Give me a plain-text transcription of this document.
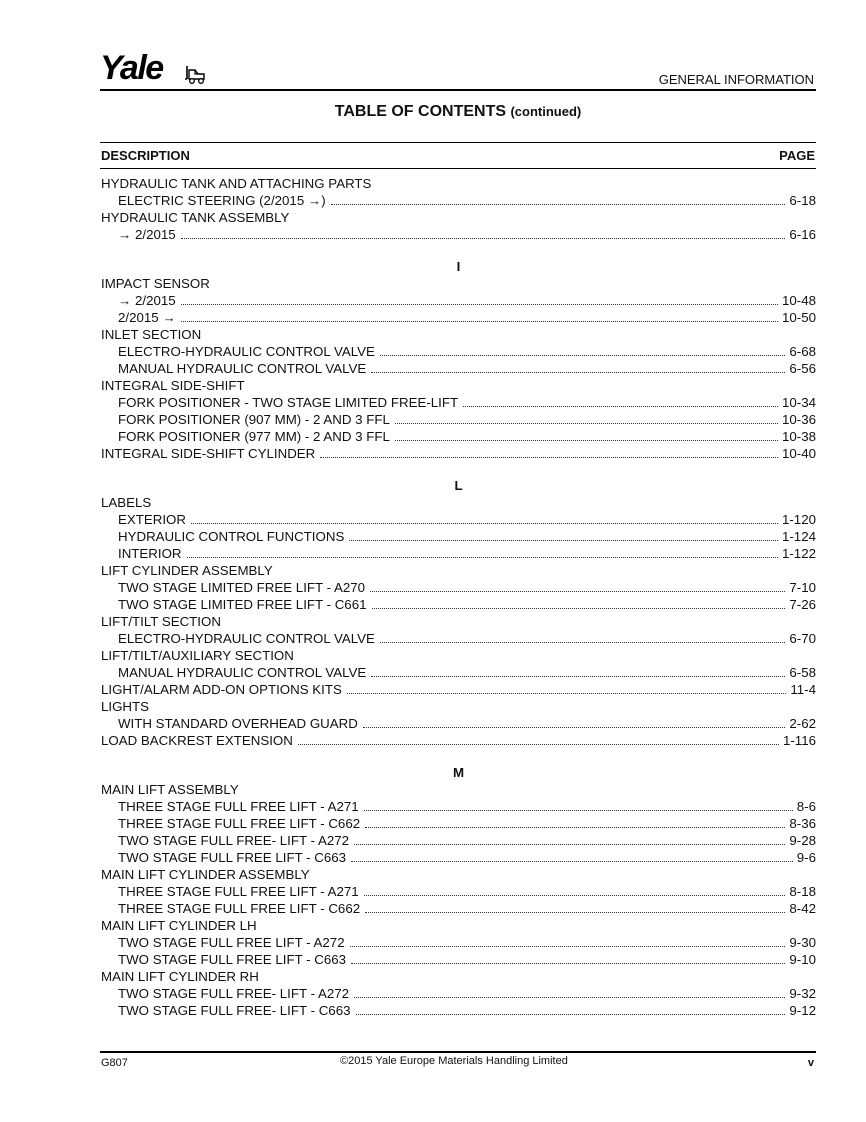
Yale	GENERAL INFORMATION
TABLE OF CONTENTS (continued)
DESCRIPTION	PAGE
HYDRAULIC TANK AND ATTACHING PARTS
ELECTRIC STEERING (2/2015 →)	6-18
HYDRAULIC TANK ASSEMBLY
→ 2/2015	6-16
I
IMPACT SENSOR
→ 2/2015	10-48
2/2015 →	10-50
INLET SECTION
ELECTRO-HYDRAULIC CONTROL VALVE	6-68
MANUAL HYDRAULIC CONTROL VALVE	6-56
INTEGRAL SIDE-SHIFT
FORK POSITIONER - TWO STAGE LIMITED FREE-LIFT	10-34
FORK POSITIONER (907 MM) - 2 AND 3 FFL	10-36
FORK POSITIONER (977 MM) - 2 AND 3 FFL	10-38
INTEGRAL SIDE-SHIFT CYLINDER	10-40
L
LABELS
EXTERIOR	1-120
HYDRAULIC CONTROL FUNCTIONS	1-124
INTERIOR	1-122
LIFT CYLINDER ASSEMBLY
TWO STAGE LIMITED FREE LIFT - A270	7-10
TWO STAGE LIMITED FREE LIFT - C661	7-26
LIFT/TILT SECTION
ELECTRO-HYDRAULIC CONTROL VALVE	6-70
LIFT/TILT/AUXILIARY SECTION
MANUAL HYDRAULIC CONTROL VALVE	6-58
LIGHT/ALARM ADD-ON OPTIONS KITS	11-4
LIGHTS
WITH STANDARD OVERHEAD GUARD	2-62
LOAD BACKREST EXTENSION	1-116
M
MAIN LIFT ASSEMBLY
THREE STAGE FULL FREE LIFT - A271	8-6
THREE STAGE FULL FREE LIFT - C662	8-36
TWO STAGE FULL FREE- LIFT - A272	9-28
TWO STAGE FULL FREE LIFT - C663	9-6
MAIN LIFT CYLINDER ASSEMBLY
THREE STAGE FULL FREE LIFT - A271	8-18
THREE STAGE FULL FREE LIFT - C662	8-42
MAIN LIFT CYLINDER LH
TWO STAGE FULL FREE LIFT - A272	9-30
TWO STAGE FULL FREE LIFT - C663	9-10
MAIN LIFT CYLINDER RH
TWO STAGE FULL FREE- LIFT - A272	9-32
TWO STAGE FULL FREE- LIFT - C663	9-12
G807	©2015 Yale Europe Materials Handling Limited	v
